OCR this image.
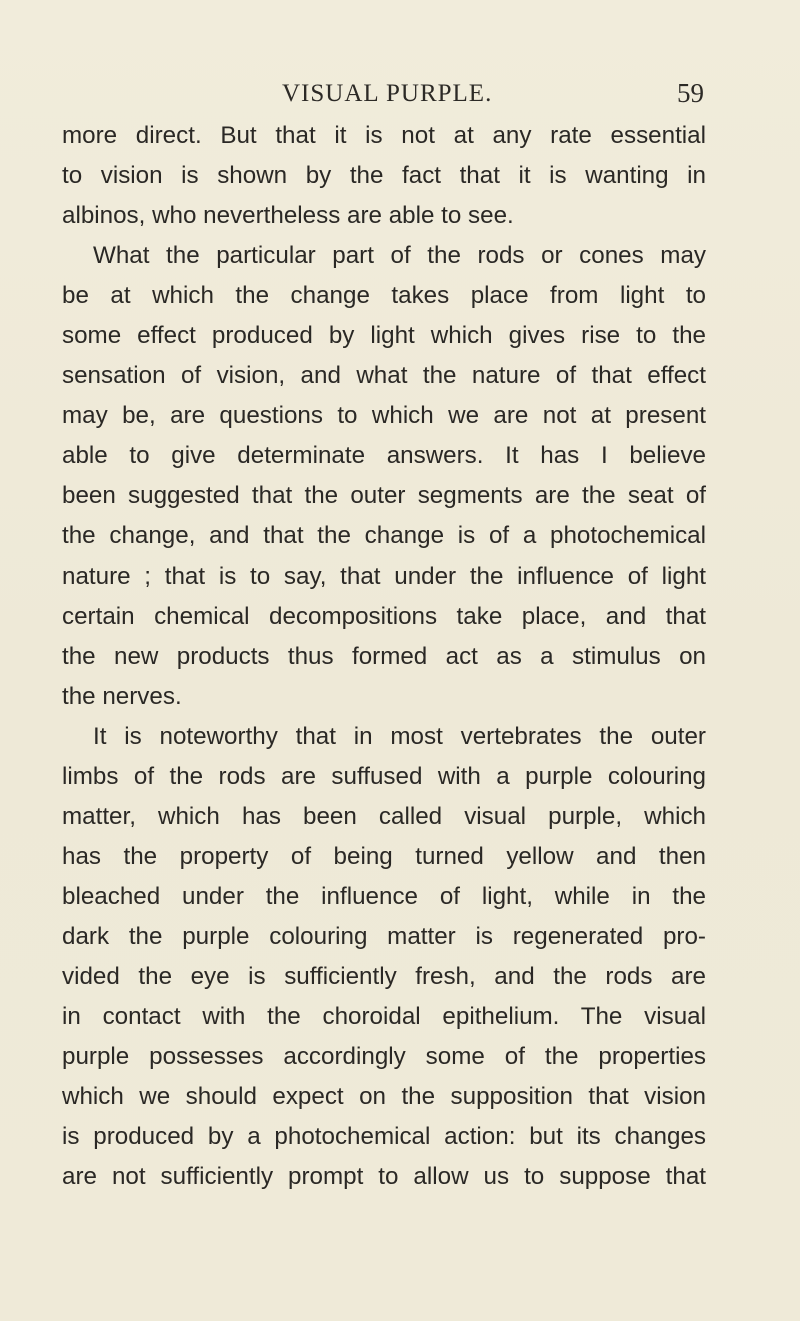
VISUAL PURPLE.	59
more direct. But that it is not at any rate essential
to vision is shown by the fact that it is wanting in
albinos, who nevertheless are able to see.
What the particular part of the rods or cones may
be at which the change takes place from light to
some effect produced by light which gives rise to the
sensation of vision, and what the nature of that effect
may be, are questions to which we are not at present
able to give determinate answers. It has I believe
been suggested that the outer segments are the seat of
the change, and that the change is of a photochemical
nature ; that is to say, that under the influence of light
certain chemical decompositions take place, and that
the new products thus formed act as a stimulus on
the nerves.
It is noteworthy that in most vertebrates the outer
limbs of the rods are suffused with a purple colouring
matter, which has been called visual purple, which
has the property of being turned yellow and then
bleached under the influence of light, while in the
dark the purple colouring matter is regenerated pro-
vided the eye is sufficiently fresh, and the rods are
in contact with the choroidal epithelium. The visual
purple possesses accordingly some of the properties
which we should expect on the supposition that vision
is produced by a photochemical action: but its changes
are not sufficiently prompt to allow us to suppose that
